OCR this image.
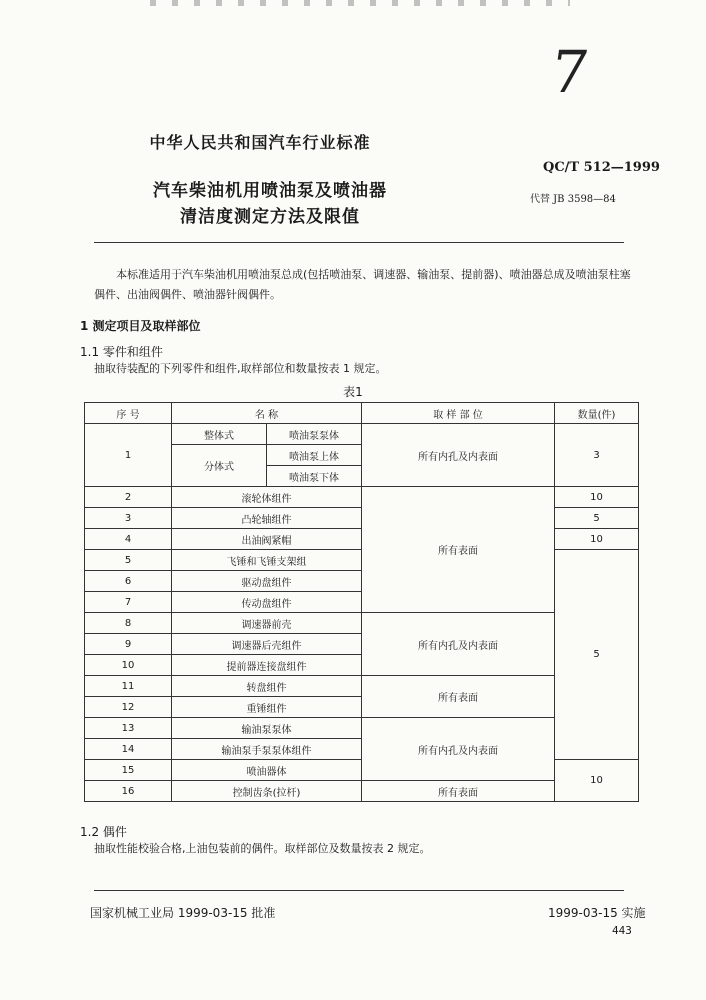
7
中华人民共和国汽车行业标准
QC/T 512—1999
汽车柴油机用喷油泵及喷油器	代替 JB 3598—84
清洁度测定方法及限值
本标准适用于汽车柴油机用喷油泵总成(包括喷油泵、调速器、输油泵、提前器)、喷油器总成及喷油泵柱塞偶件、出油阀偶件、喷油器针阀偶件。
1 测定项目及取样部位
1.1 零件和组件
抽取待装配的下列零件和组件,取样部位和数量按表 1 规定。
表1
序 号	名 称		取 样 部 位	数量(件)
1	整体式	喷油泵泵体	所有内孔及内表面	3
	分体式	喷油泵上体		
		喷油泵下体		
2	滚轮体组件		所有表面	10
3	凸轮轴组件			5
4	出油阀紧帽			10
5	飞锤和飞锤支架组			5
6	驱动盘组件			
7	传动盘组件			
8	调速器前壳		所有内孔及内表面	
9	调速器后壳组件			
10	提前器连接盘组件			
11	转盘组件		所有表面	
12	重锤组件			
13	输油泵泵体		所有内孔及内表面	
14	输油泵手泵泵体组件			
15	喷油器体			10
16	控制齿条(拉杆)		所有表面	
1.2 偶件
抽取性能校验合格,上油包装前的偶件。取样部位及数量按表 2 规定。
国家机械工业局 1999-03-15 批准	1999-03-15 实施
443
